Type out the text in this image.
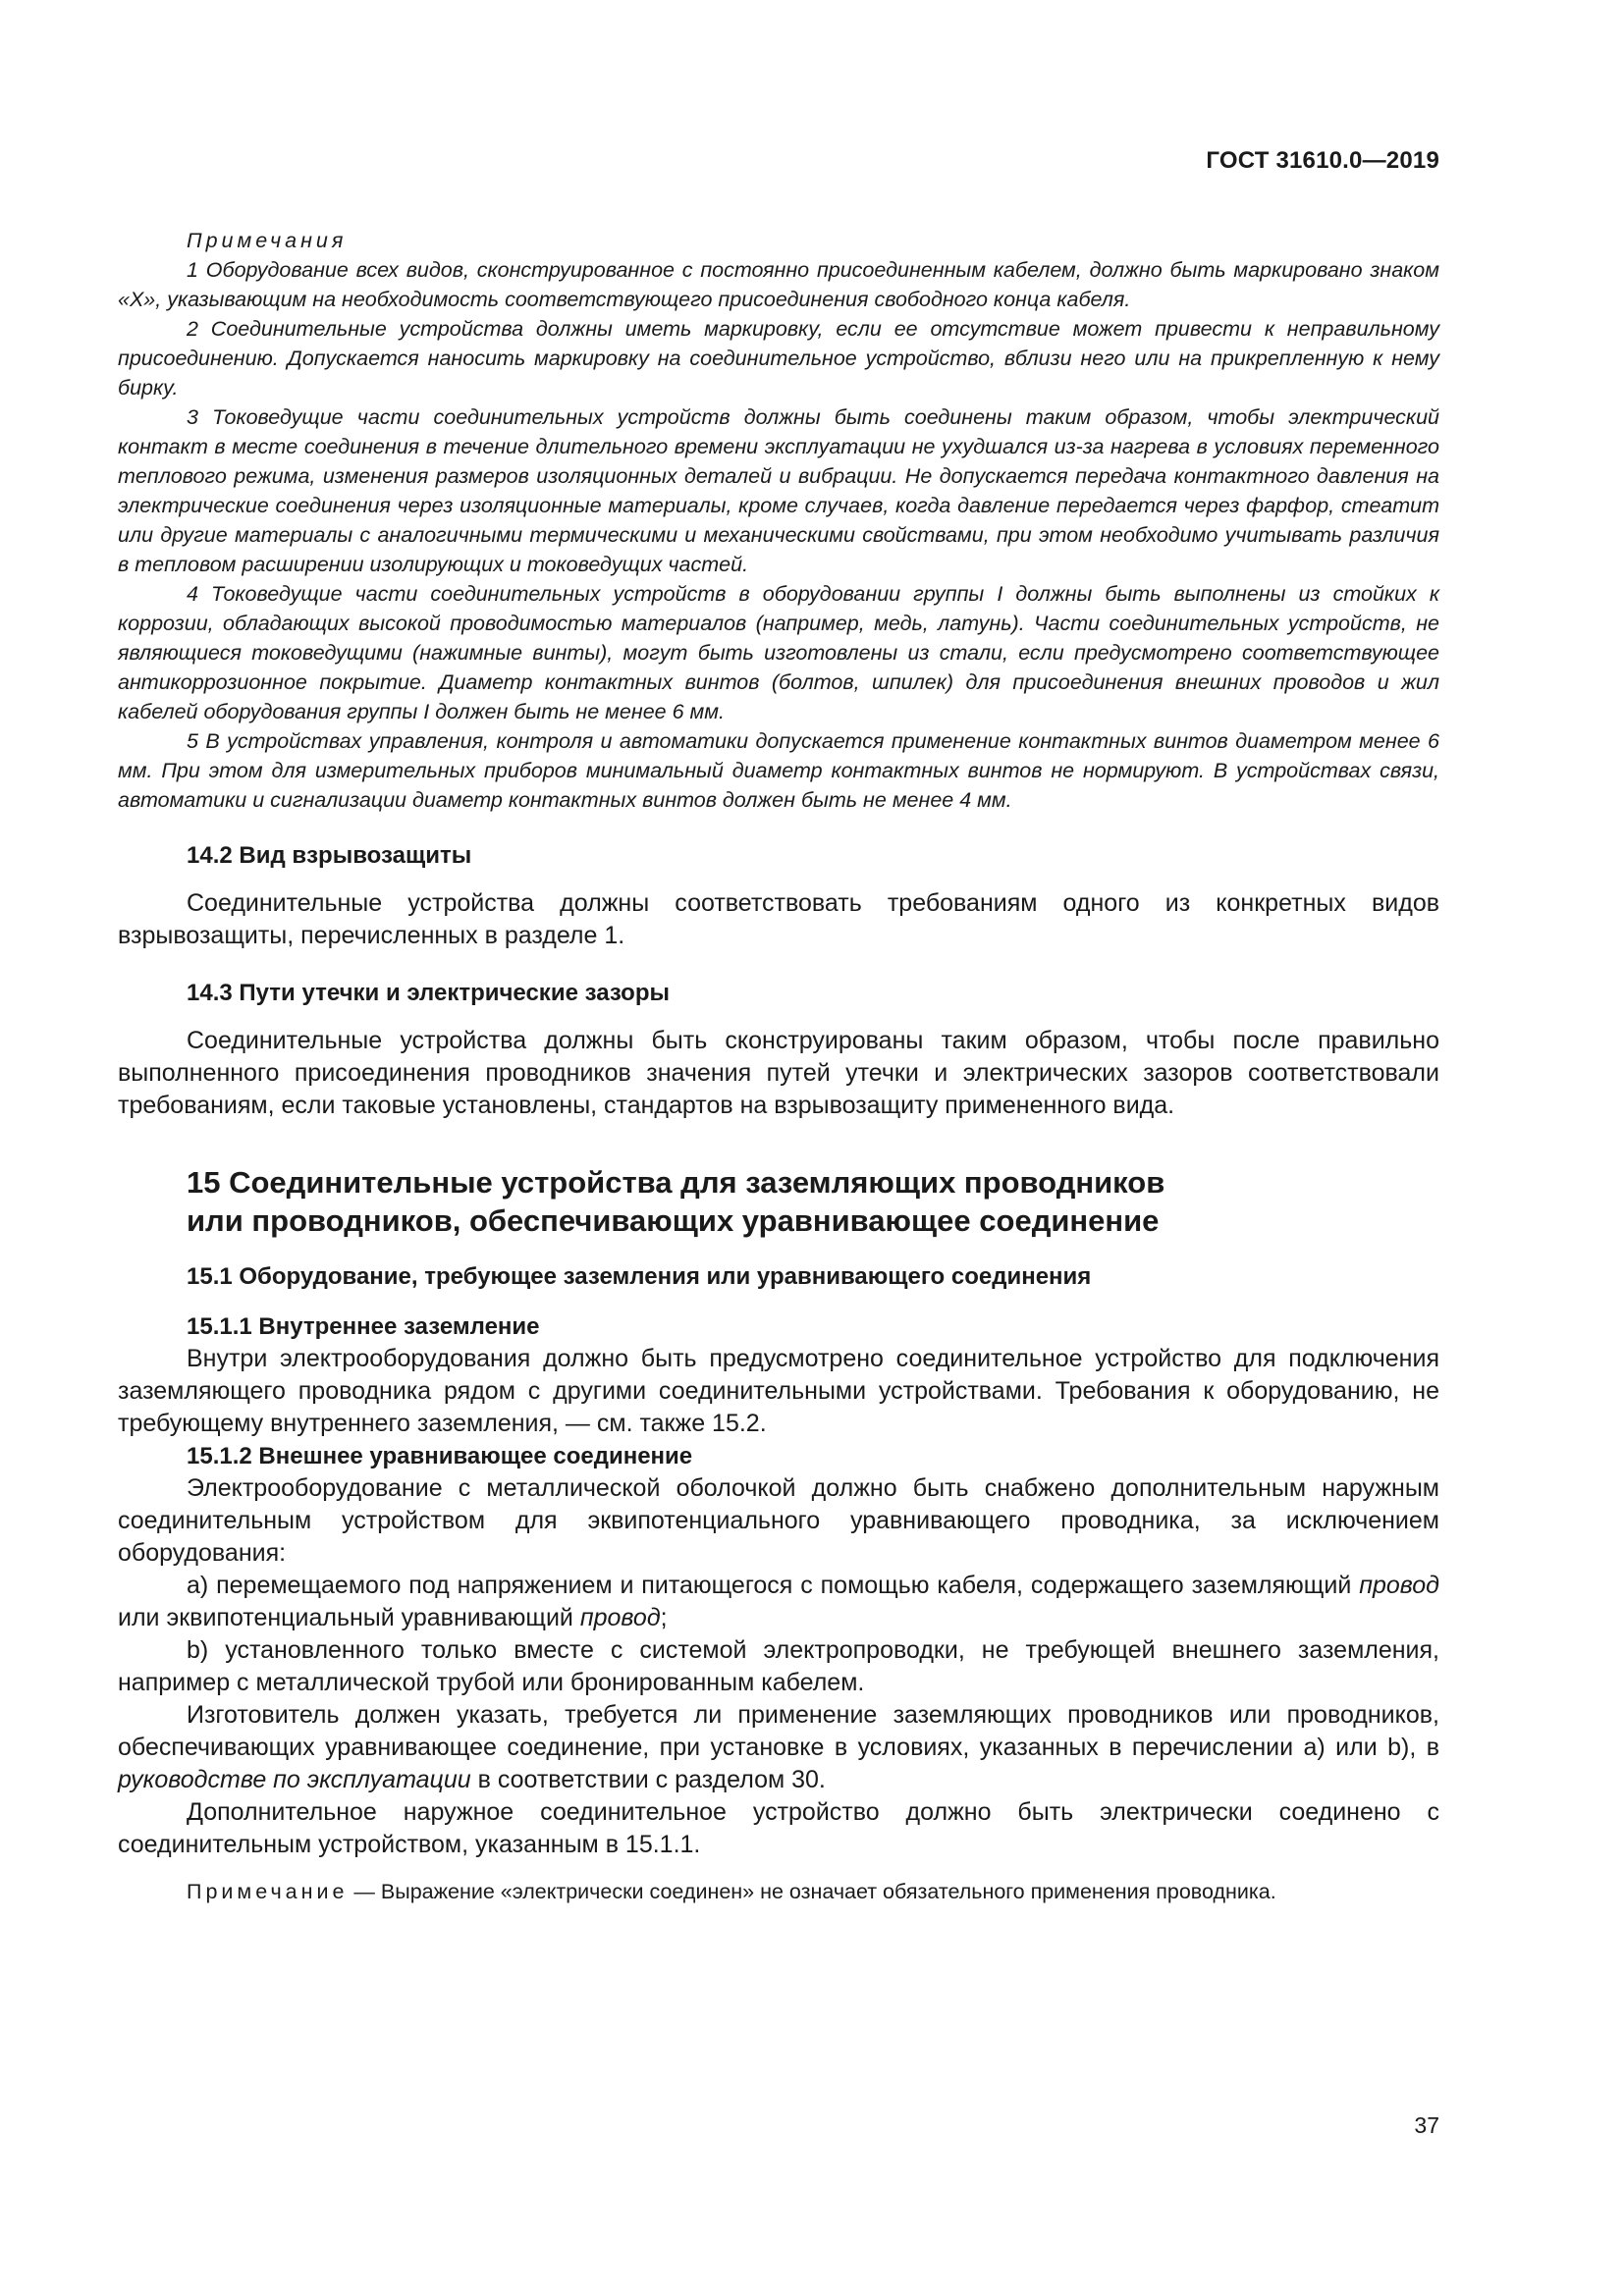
ГОСТ 31610.0—2019

Примечания

1 Оборудование всех видов, сконструированное с постоянно присоединенным кабелем, должно быть маркировано знаком «Х», указывающим на необходимость соответствующего присоединения свободного конца кабеля.

2 Соединительные устройства должны иметь маркировку, если ее отсутствие может привести к неправильному присоединению. Допускается наносить маркировку на соединительное устройство, вблизи него или на прикрепленную к нему бирку.

3 Токоведущие части соединительных устройств должны быть соединены таким образом, чтобы электрический контакт в месте соединения в течение длительного времени эксплуатации не ухудшался из-за нагрева в условиях переменного теплового режима, изменения размеров изоляционных деталей и вибрации. Не допускается передача контактного давления на электрические соединения через изоляционные материалы, кроме случаев, когда давление передается через фарфор, стеатит или другие материалы с аналогичными термическими и механическими свойствами, при этом необходимо учитывать различия в тепловом расширении изолирующих и токоведущих частей.

4 Токоведущие части соединительных устройств в оборудовании группы I должны быть выполнены из стойких к коррозии, обладающих высокой проводимостью материалов (например, медь, латунь). Части соединительных устройств, не являющиеся токоведущими (нажимные винты), могут быть изготовлены из стали, если предусмотрено соответствующее антикоррозионное покрытие. Диаметр контактных винтов (болтов, шпилек) для присоединения внешних проводов и жил кабелей оборудования группы I должен быть не менее 6 мм.

5 В устройствах управления, контроля и автоматики допускается применение контактных винтов диаметром менее 6 мм. При этом для измерительных приборов минимальный диаметр контактных винтов не нормируют. В устройствах связи, автоматики и сигнализации диаметр контактных винтов должен быть не менее 4 мм.

14.2 Вид взрывозащиты

Соединительные устройства должны соответствовать требованиям одного из конкретных видов взрывозащиты, перечисленных в разделе 1.

14.3 Пути утечки и электрические зазоры

Соединительные устройства должны быть сконструированы таким образом, чтобы после правильно выполненного присоединения проводников значения путей утечки и электрических зазоров соответствовали требованиям, если таковые установлены, стандартов на взрывозащиту примененного вида.

15 Соединительные устройства для заземляющих проводников

или проводников, обеспечивающих уравнивающее соединение

15.1 Оборудование, требующее заземления или уравнивающего соединения

15.1.1 Внутреннее заземление

Внутри электрооборудования должно быть предусмотрено соединительное устройство для подключения заземляющего проводника рядом с другими соединительными устройствами. Требования к оборудованию, не требующему внутреннего заземления, — см. также 15.2.

15.1.2 Внешнее уравнивающее соединение

Электрооборудование с металлической оболочкой должно быть снабжено дополнительным наружным соединительным устройством для эквипотенциального уравнивающего проводника, за исключением оборудования:

а) перемещаемого под напряжением и питающегося с помощью кабеля, содержащего заземляющий провод или эквипотенциальный уравнивающий провод;

b) установленного только вместе с системой электропроводки, не требующей внешнего заземления, например с металлической трубой или бронированным кабелем.

Изготовитель должен указать, требуется ли применение заземляющих проводников или проводников, обеспечивающих уравнивающее соединение, при установке в условиях, указанных в перечислении а) или b), в руководстве по эксплуатации в соответствии с разделом 30.

Дополнительное наружное соединительное устройство должно быть электрически соединено с соединительным устройством, указанным в 15.1.1.

Примечание — Выражение «электрически соединен» не означает обязательного применения проводника.

37
